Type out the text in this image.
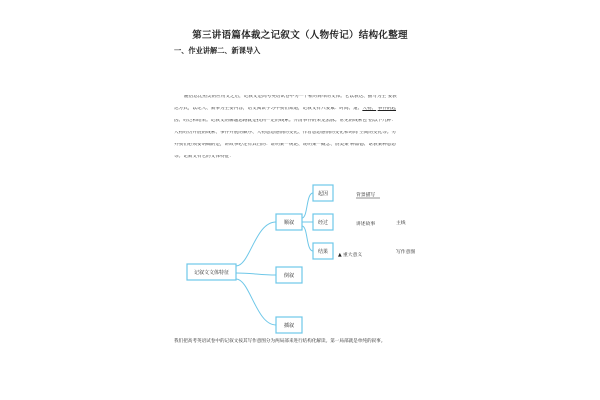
第三讲语篇体裁之记叙文（人物传记）结构化整理
一、作业讲解二、新课导入
随信息比照类的应用文之后，记叙文是高考英语试卷中另一个相对简单的文体。它以表达、描写为主 要表
达方式，以记人、叙事为主要内容，语文阅读学习中我们知道，记叙文有六要素：时间、道、人物、 事件的起
因、经过和结果。记叙文的解题思路就是找到一定的线索。弄清事件的来龙去脉。常见的线索包 括以下几种：
人物经历开展的线索、事件开展的顺序、人物思想感情的变化、作者思想感情的变化和时间 空间的变化等。另
外我们必须要明确的是，讲故事必定有其目的：证明某一规论、说明某一概念、赞美某 种品德、讴表某种思想
等。记叙文有它的文体特征：
记叙文文体特征
顺叙
倒叙
插叙
起因
经过
结果
背景描写
讲述故事	主线
写作意图
▲ 重大意义
我们把高考英语试卷中的记叙文按其写作意图分为两局部来进行结构化解读。第一局部就是单纯的叙事。
